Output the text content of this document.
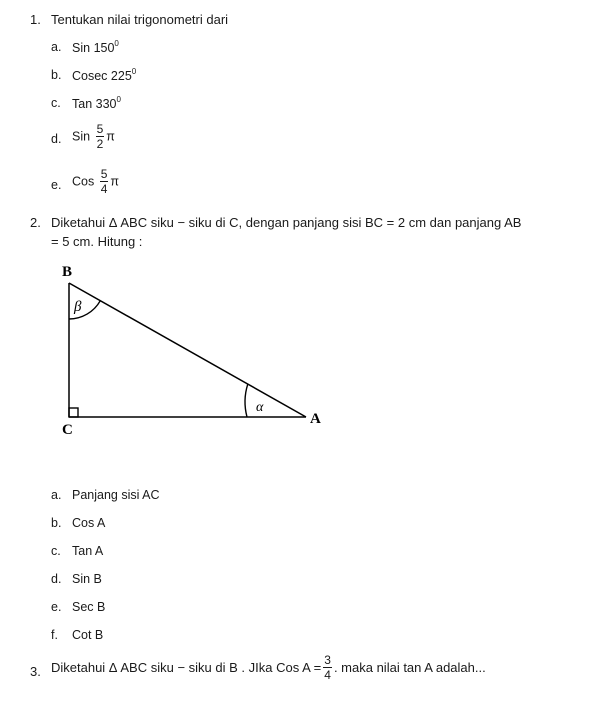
1. Tentukan nilai trigonometri dari
a. Sin $150^0$
b. Cosec $225^0$
c. Tan $330^0$
d. Sin $\frac{5}{2}$ π
e. Cos $\frac{5}{4}$ π
2. Diketahui Δ ABC siku − siku di C, dengan panjang sisi BC = 2 cm dan panjang AB
= 5 cm. Hitung :
B
C
A
β
α
a. Panjang sisi AC
b. Cos A
c. Tan A
d. Sin B
e. Sec B
f. Cot B
3. Diketahui Δ ABC siku − siku di B . JIka Cos $A = \frac{3}{4}$ . maka nilai tan A adalah...
